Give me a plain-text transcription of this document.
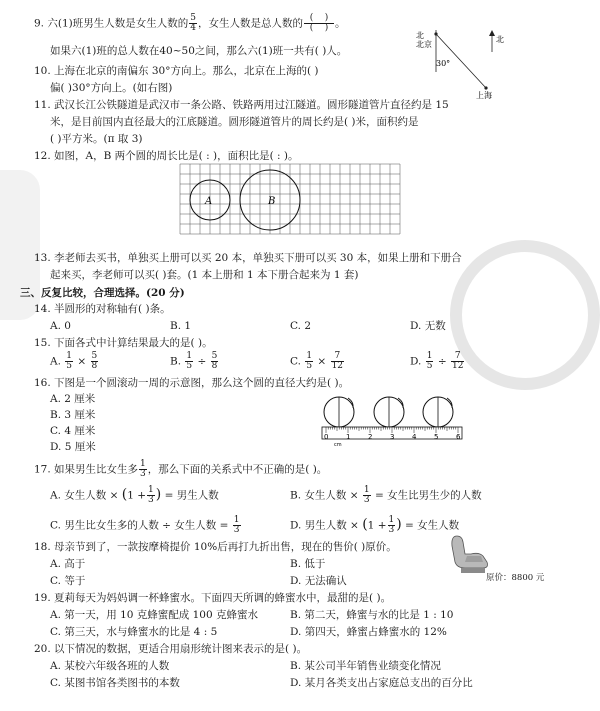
9. 六(1)班男生人数是女生人数的 $\frac{5}{4}$ ，女生人数是总人数的 $\frac{( )}{( )}$ 。
如果六(1)班的总人数在40~50之间，那么六(1)班一共有( )人。
北
北京
北
30°
上海
10. 上海在北京的南偏东 30°方向上。那么，北京在上海的( )
偏( )30°方向上。(如右图)
11. 武汉长江公铁隧道是武汉市一条公路、铁路两用过江隧道。圆形隧道管片直径约是 15
米，是目前国内直径最大的江底隧道。圆形隧道管片的周长约是( )米，面积约是
( )平方米。(π 取 3)
12. 如图，A，B 两个圆的周长比是( : )，面积比是( : )。
A	B
13. 李老师去买书，单独买上册可以买 20 本，单独买下册可以买 30 本，如果上册和下册合
起来买，李老师可以买( )套。(1 本上册和 1 本下册合起来为 1 套)
三、反复比较，合理选择。(20 分)
14. 半圆形的对称轴有( )条。
A. 0	B. 1	C. 2	D. 无数
15. 下面各式中计算结果最大的是( )。
A. $\frac{1}{5} \times \frac{5}{8}$	B. $\frac{1}{5} \div \frac{5}{8}$	C. $\frac{1}{5} \times \frac{7}{12}$	D. $\frac{1}{5} \div \frac{7}{12}$
16. 下图是一个圆滚动一周的示意图，那么这个圆的直径大约是( )。
A. 2 厘米
B. 3 厘米
C. 4 厘米
D. 5 厘米
0	1	2	3	4	5	6
cm
17. 如果男生比女生多 $\frac{1}{3}$ ，那么下面的关系式中不正确的是( )。
A. 女生人数 × ($1 + \frac{1}{3}$ ) = 男生人数	B. 女生人数 × $\frac{1}{3}$ = 女生比男生少的人数
C. 男生比女生多的人数 ÷ 女生人数 = $\frac{1}{3}$	D. 男生人数 × ($1 + \frac{1}{3}$ ) = 女生人数
18. 母亲节到了，一款按摩椅提价 10%后再打九折出售，现在的售价( )原价。
A. 高于	B. 低于
C. 等于	D. 无法确认	原价：8800 元
19. 夏莉每天为妈妈调一杯蜂蜜水。下面四天所调的蜂蜜水中，最甜的是( )。
A. 第一天，用 10 克蜂蜜配成 100 克蜂蜜水	B. 第二天，蜂蜜与水的比是 1 : 10
C. 第三天，水与蜂蜜水的比是 4 : 5	D. 第四天，蜂蜜占蜂蜜水的 12%
20. 以下情况的数据，更适合用扇形统计图来表示的是( )。
A. 某校六年级各班的人数	B. 某公司半年销售业绩变化情况
C. 某图书馆各类图书的本数	D. 某月各类支出占家庭总支出的百分比
